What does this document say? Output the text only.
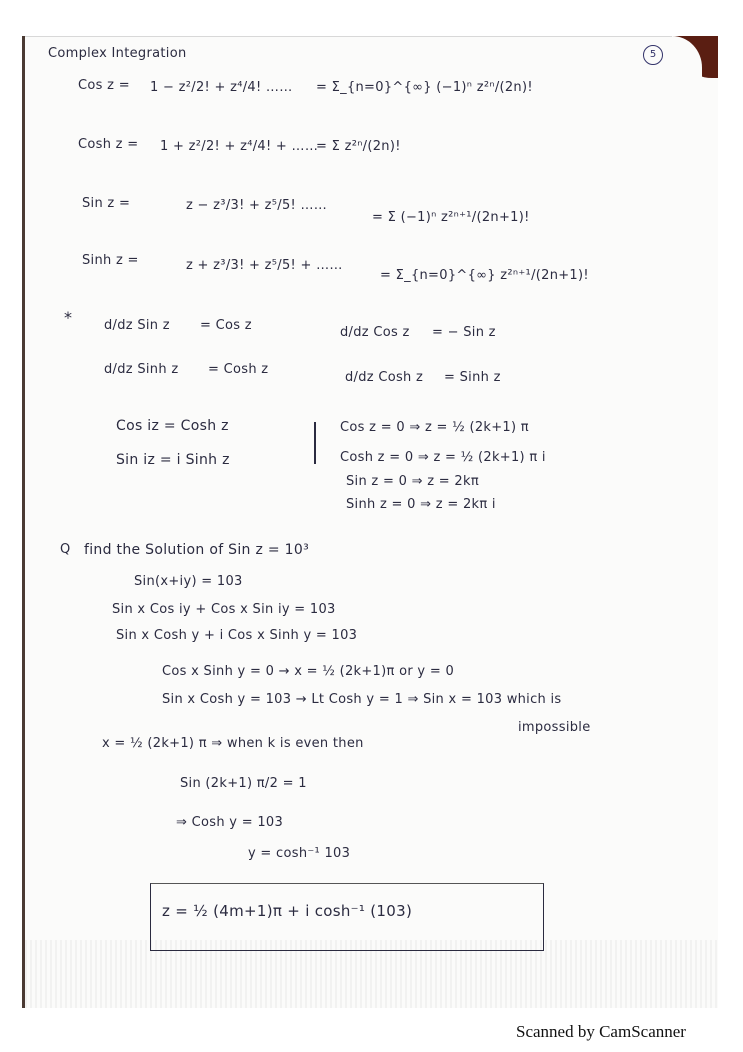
Complex Integration	5
Cos z = 1 − z²/2! + z⁴/4! …… = Σ_{n=0}^{∞} (−1)ⁿ z²ⁿ/(2n)!
Cosh z = 1 + z²/2! + z⁴/4! + ……
= Σ z²ⁿ/(2n)!
Sin z =	z − z³/3! + z⁵/5! ……
= Σ (−1)ⁿ z²ⁿ⁺¹/(2n+1)!
Sinh z =	z + z³/3! + z⁵/5! + ……
= Σ_{n=0}^{∞} z²ⁿ⁺¹/(2n+1)!
* d/dz Sin z = Cos z	d/dz Cos z = − Sin z
d/dz Sinh z = Cosh z
d/dz Cosh z = Sinh z
Cos iz = Cosh z
Sin iz = i Sinh z
Cos z = 0 ⇒ z = ½ (2k+1) π
Cosh z = 0 ⇒ z = ½ (2k+1) π i
Sin z = 0 ⇒ z = 2kπ
Sinh z = 0 ⇒ z = 2kπ i
Q find the Solution of Sin z = 10³
Sin(x+iy) = 103
Sin x Cos iy + Cos x Sin iy = 103
Sin x Cosh y + i Cos x Sinh y = 103
Cos x Sinh y = 0 → x = ½ (2k+1)π or y = 0
Sin x Cosh y = 103 → Lt Cosh y = 1 ⇒ Sin x = 103 which is
impossible
x = ½ (2k+1) π ⇒ when k is even then
Sin (2k+1) π/2 = 1
⇒ Cosh y = 103
y = cosh⁻¹ 103
z = ½ (4m+1)π + i cosh⁻¹ (103)
Scanned by CamScanner
